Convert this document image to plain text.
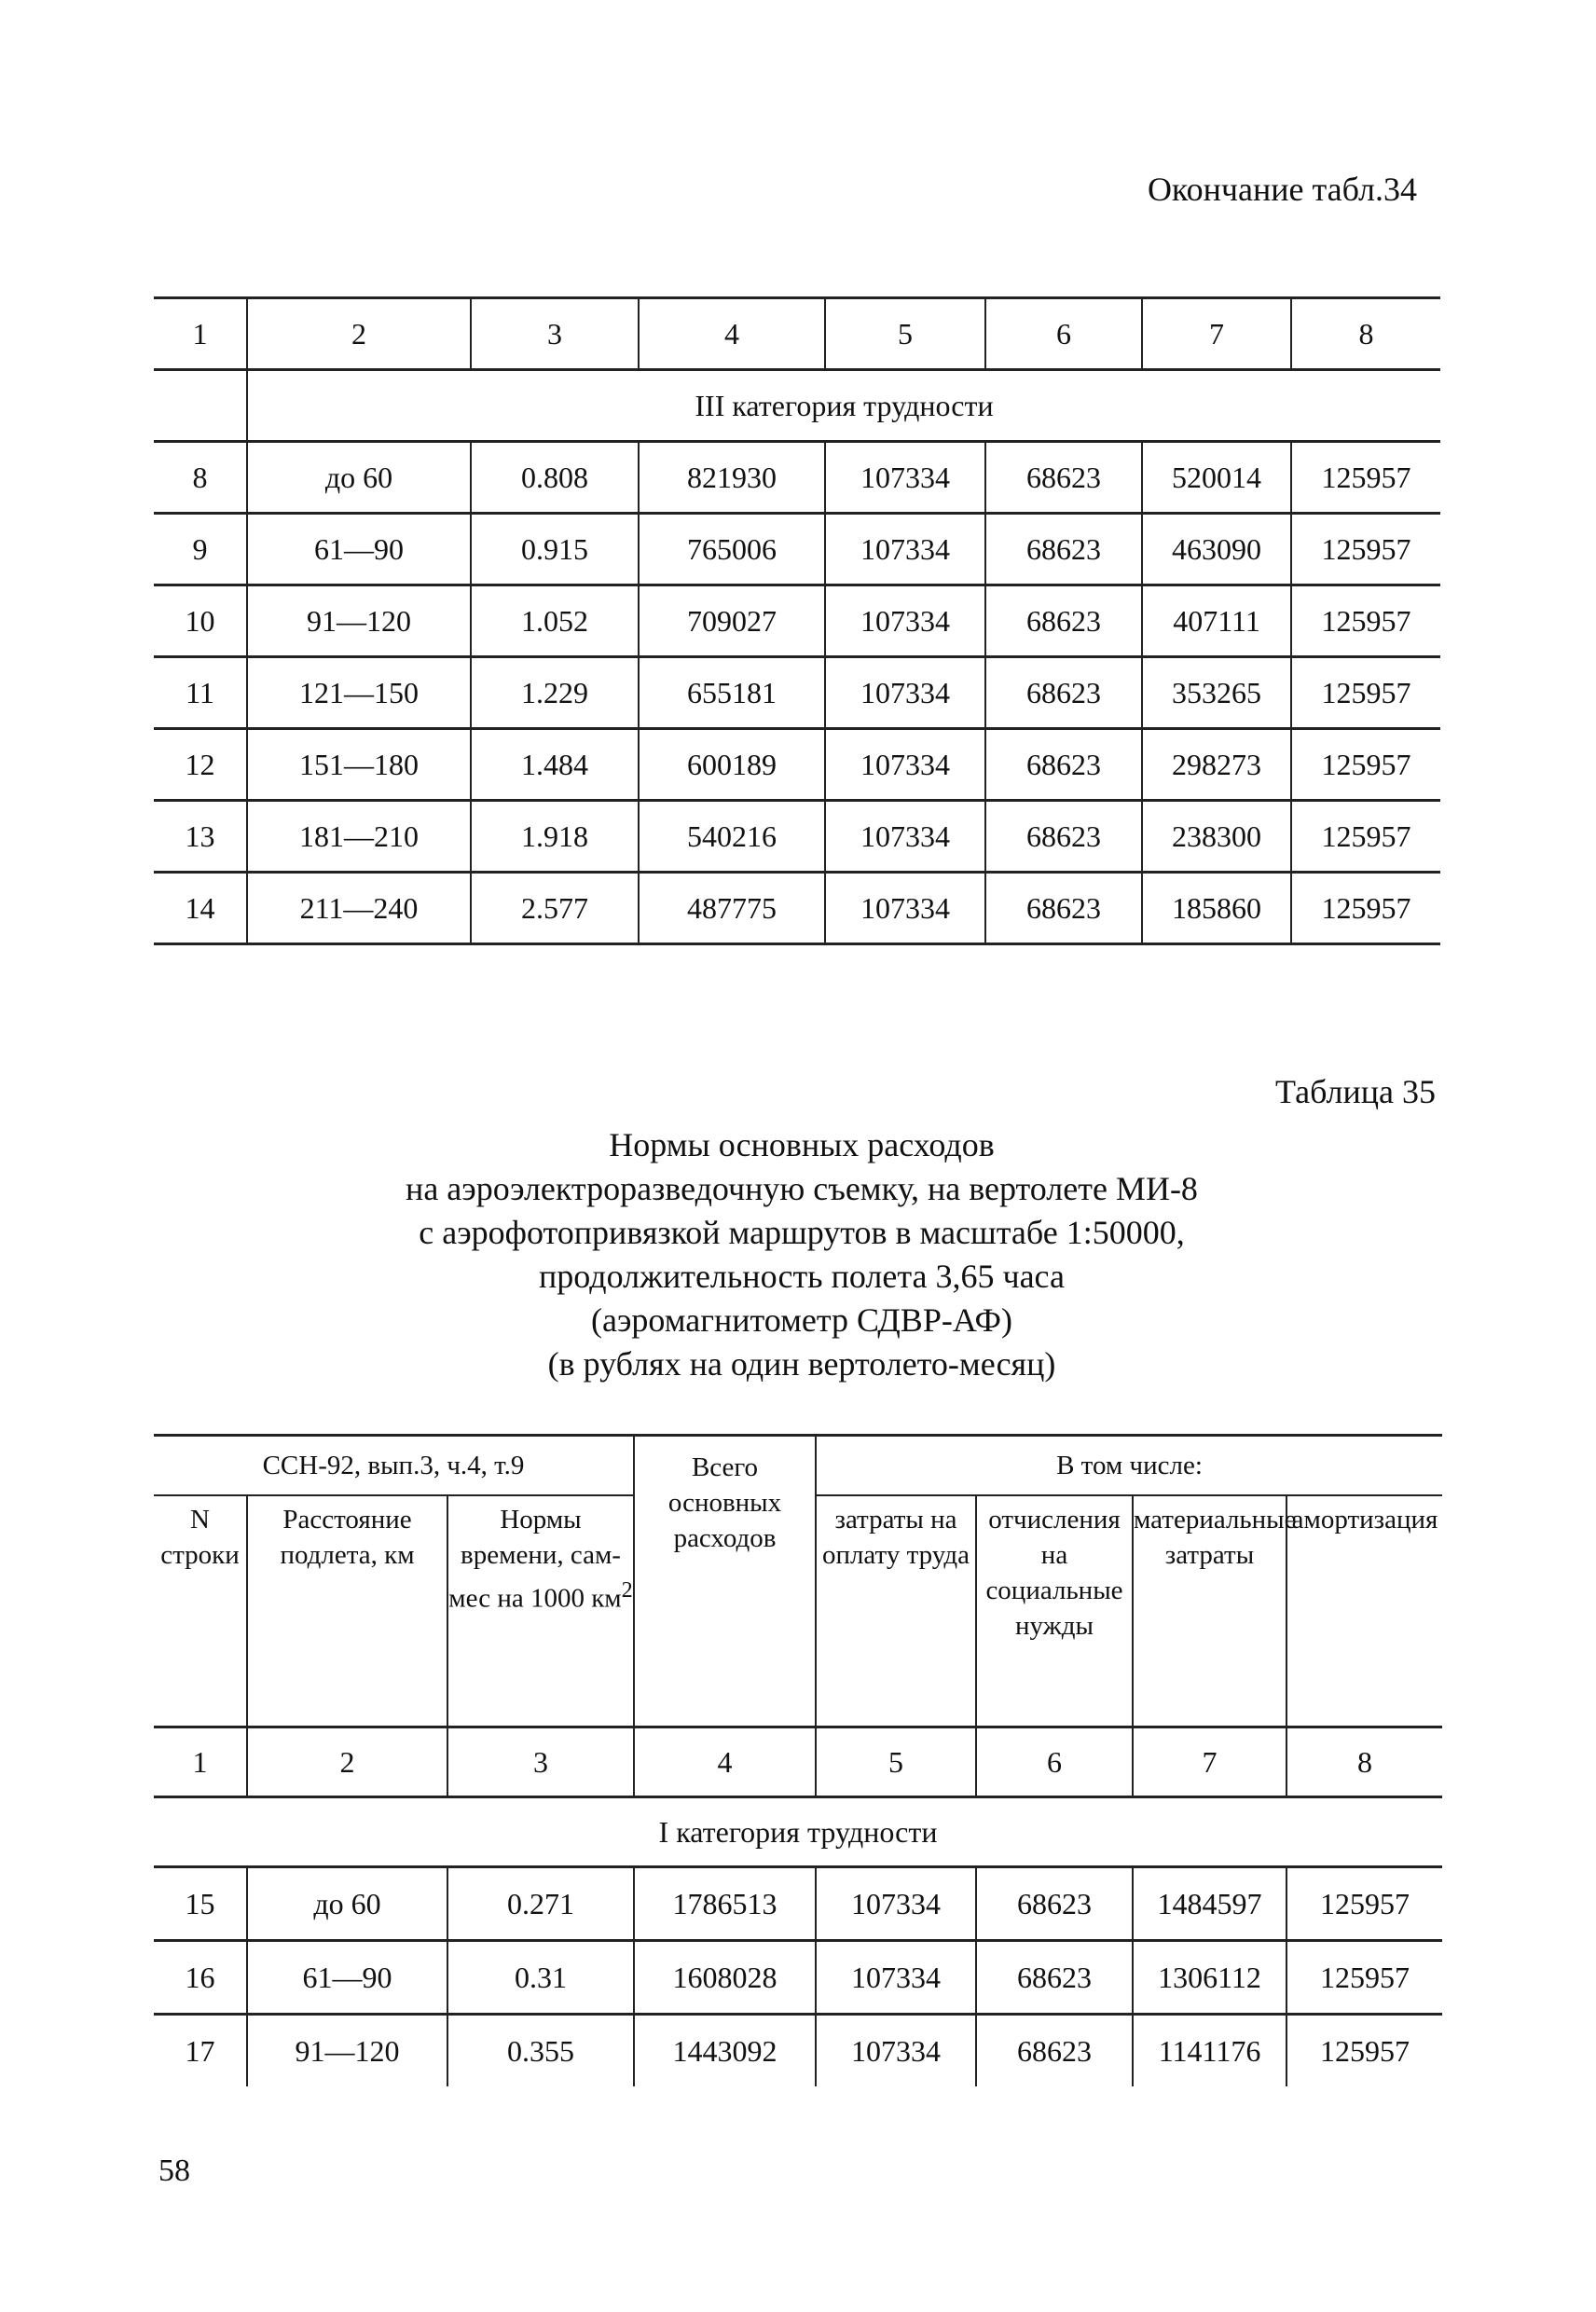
Окончание табл.34
1	2	3	4	5	6	7	8
	III категория трудности						
8	до 60	0.808	821930	107334	68623	520014	125957
9	61—90	0.915	765006	107334	68623	463090	125957
10	91—120	1.052	709027	107334	68623	407111	125957
11	121—150	1.229	655181	107334	68623	353265	125957
12	151—180	1.484	600189	107334	68623	298273	125957
13	181—210	1.918	540216	107334	68623	238300	125957
14	211—240	2.577	487775	107334	68623	185860	125957
Таблица 35
Нормы основных расходов
на аэроэлектроразведочную съемку, на вертолете МИ-8
с аэрофотопривязкой маршрутов в масштабе 1:50000,
продолжительность полета 3,65 часа
(аэромагнитометр СДВР-АФ)
(в рублях на один вертолето-месяц)
ССН-92, вып.3, ч.4, т.9			Всего основных расходов	В том числе:			
N строки	Расстояние подлета, км	Нормы времени, сам-мес на 1000 $км^2$		затраты на оплату труда	отчисления на социальные нужды	материальные затраты	амортизация
1	2	3	4	5	6	7	8
I категория трудности							
15	до 60	0.271	1786513	107334	68623	1484597	125957
16	61—90	0.31	1608028	107334	68623	1306112	125957
17	91—120	0.355	1443092	107334	68623	1141176	125957
58
